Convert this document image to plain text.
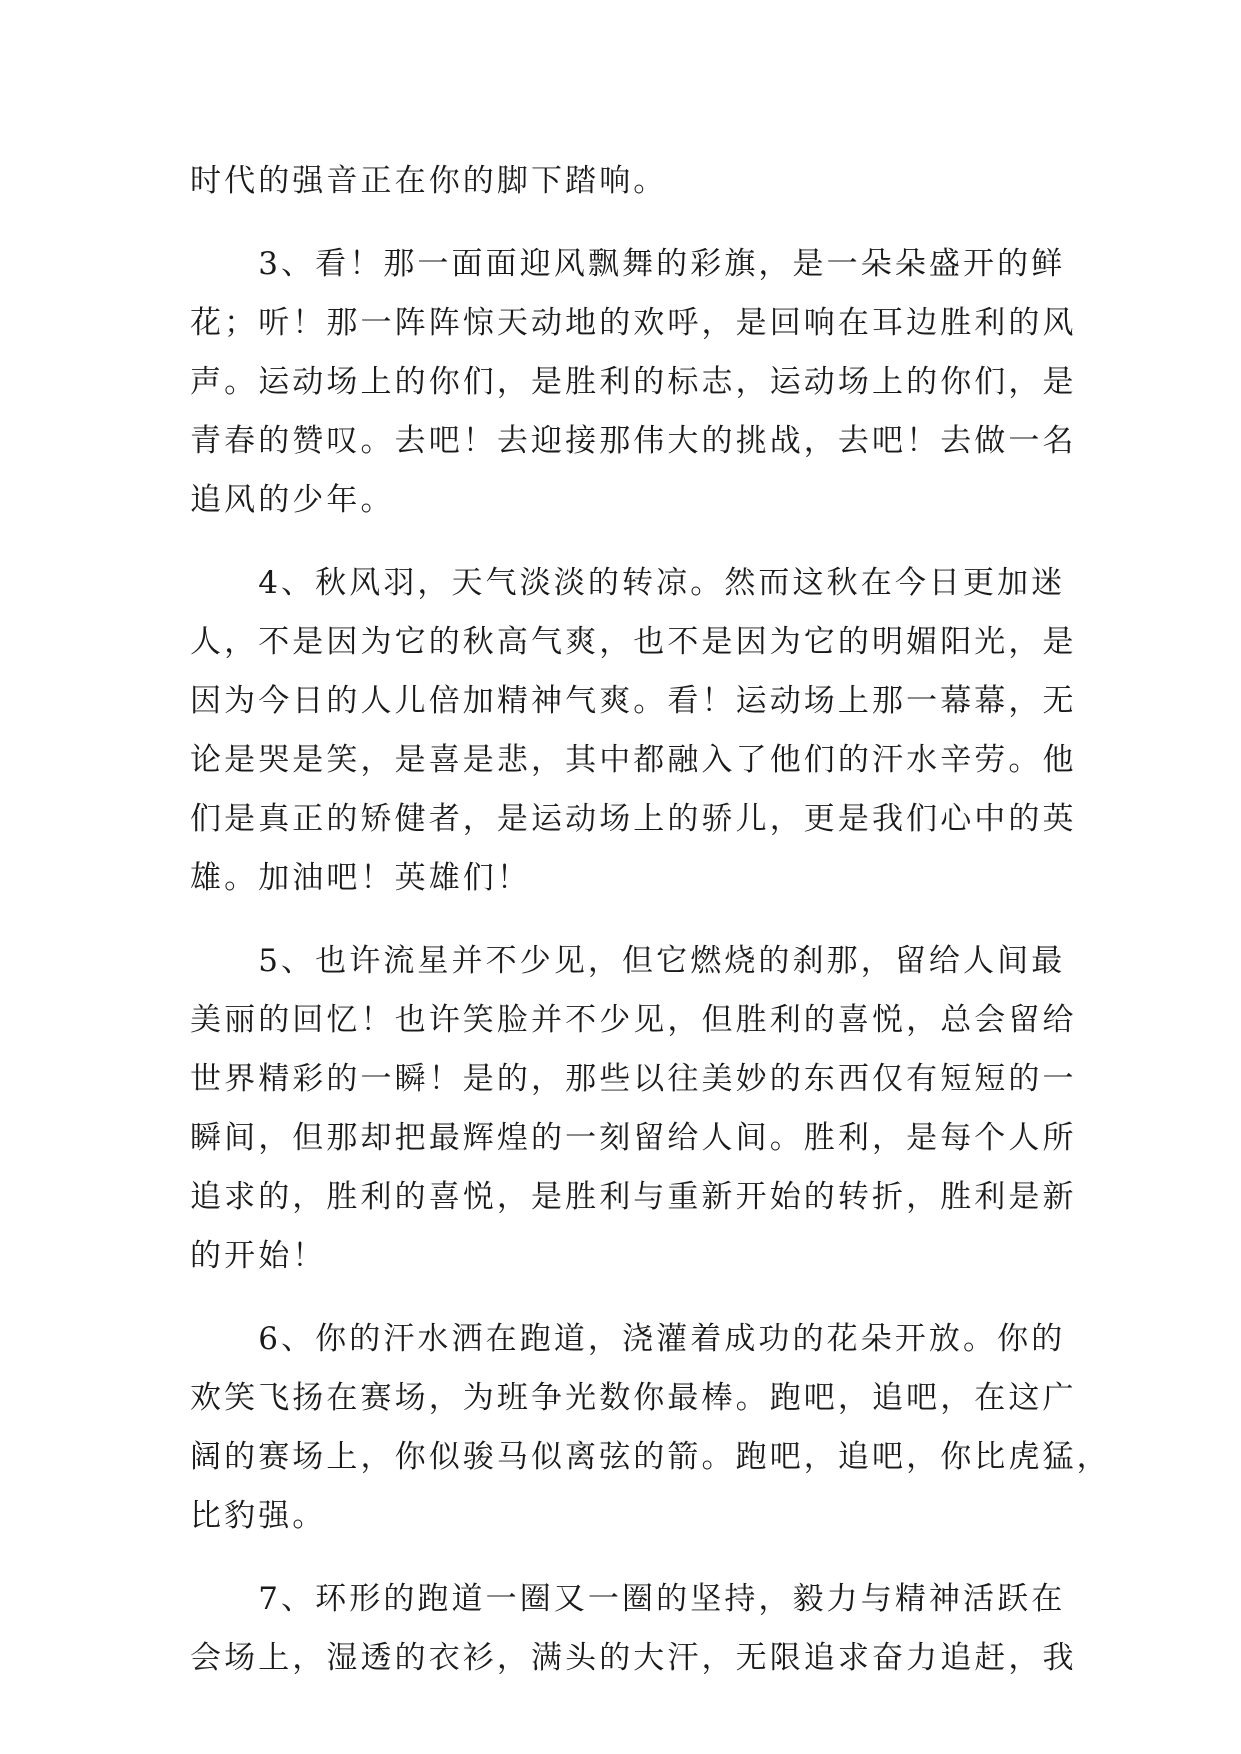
时代的强音正在你的脚下踏响。
　　3、看！那一面面迎风飘舞的彩旗，是一朵朵盛开的鲜
花；听！那一阵阵惊天动地的欢呼，是回响在耳边胜利的风
声。运动场上的你们，是胜利的标志，运动场上的你们，是
青春的赞叹。去吧！去迎接那伟大的挑战，去吧！去做一名
追风的少年。
　　4、秋风羽，天气淡淡的转凉。然而这秋在今日更加迷
人，不是因为它的秋高气爽，也不是因为它的明媚阳光，是
因为今日的人儿倍加精神气爽。看！运动场上那一幕幕，无
论是哭是笑，是喜是悲，其中都融入了他们的汗水辛劳。他
们是真正的矫健者，是运动场上的骄儿，更是我们心中的英
雄。加油吧！英雄们！
　　5、也许流星并不少见，但它燃烧的刹那，留给人间最
美丽的回忆！也许笑脸并不少见，但胜利的喜悦，总会留给
世界精彩的一瞬！是的，那些以往美妙的东西仅有短短的一
瞬间，但那却把最辉煌的一刻留给人间。胜利，是每个人所
追求的，胜利的喜悦，是胜利与重新开始的转折，胜利是新
的开始！
　　6、你的汗水洒在跑道，浇灌着成功的花朵开放。你的
欢笑飞扬在赛场，为班争光数你最棒。跑吧，追吧，在这广
阔的赛场上，你似骏马似离弦的箭。跑吧，追吧，你比虎猛，
比豹强。
　　7、环形的跑道一圈又一圈的坚持，毅力与精神活跃在
会场上，湿透的衣衫，满头的大汗，无限追求奋力追赶，我
